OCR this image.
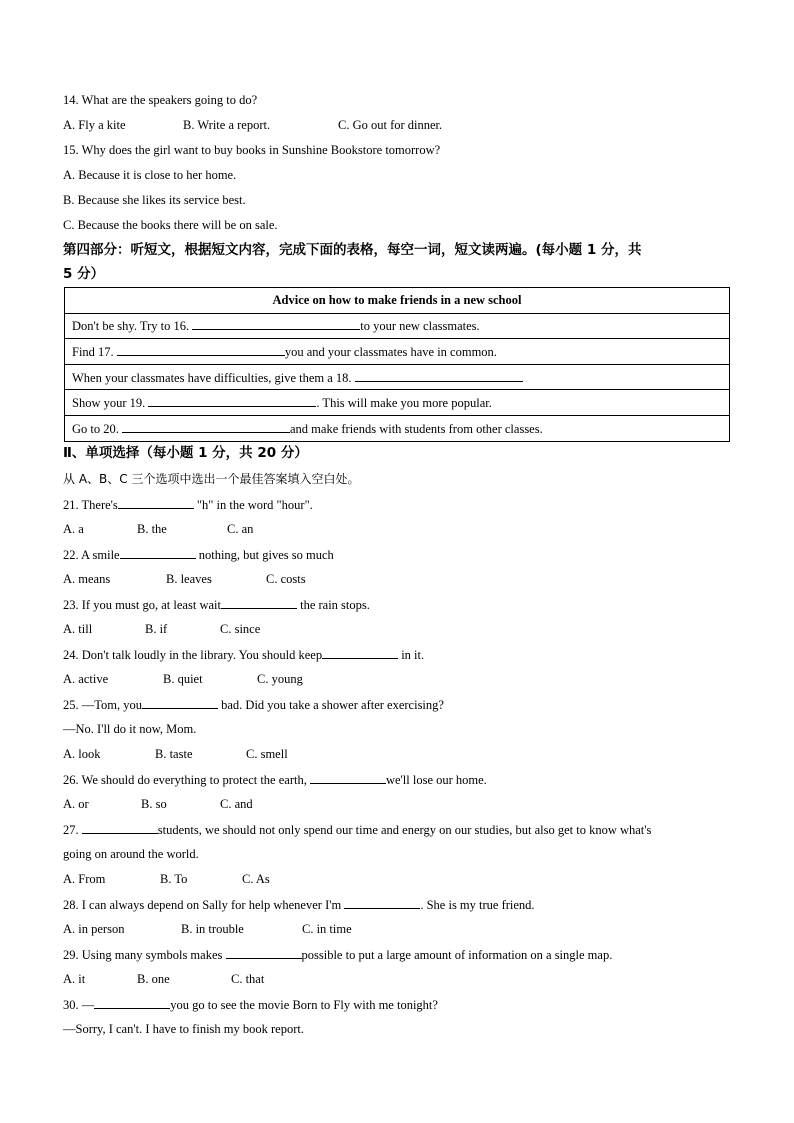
14. What are the speakers going to do?
A. Fly a kite	B. Write a report.	C. Go out for dinner.
15. Why does the girl want to buy books in Sunshine Bookstore tomorrow?
A. Because it is close to her home.
B. Because she likes its service best.
C. Because the books there will be on sale.
第四部分：听短文，根据短文内容，完成下面的表格，每空一词，短文读两遍。(每小题 1 分，共
5 分）
Advice on how to make friends in a new school
Don't be shy. Try to 16.	to your new classmates.
Find 17.	you and your classmates have in common.
When your classmates have difficulties, give them a 18.
Show your 19.	. This will make you more popular.
Go to 20.	and make friends with students from other classes.
Ⅱ、单项选择（每小题 1 分，共 20 分）
从 A、B、C 三个选项中选出一个最佳答案填入空白处。
21. There's	"h" in the word "hour".
A. a	B. the	C. an
22. A smile	nothing, but gives so much
A. means	B. leaves	C. costs
23. If you must go, at least wait	the rain stops.
A. till	B. if	C. since
24. Don't talk loudly in the library. You should keep	in it.
A. active	B. quiet	C. young
25. —Tom, you	bad. Did you take a shower after exercising?
—No. I'll do it now, Mom.
A. look	B. taste	C. smell
26. We should do everything to protect the earth,	we'll lose our home.
A. or	B. so	C. and
27.	students, we should not only spend our time and energy on our studies, but also get to know what's
going on around the world.
A. From	B. To	C. As
28. I can always depend on Sally for help whenever I'm	. She is my true friend.
A. in person	B. in trouble	C. in time
29. Using many symbols makes	possible to put a large amount of information on a single map.
A. it	B. one	C. that
30. —	you go to see the movie Born to Fly with me tonight?
—Sorry, I can't. I have to finish my book report.
